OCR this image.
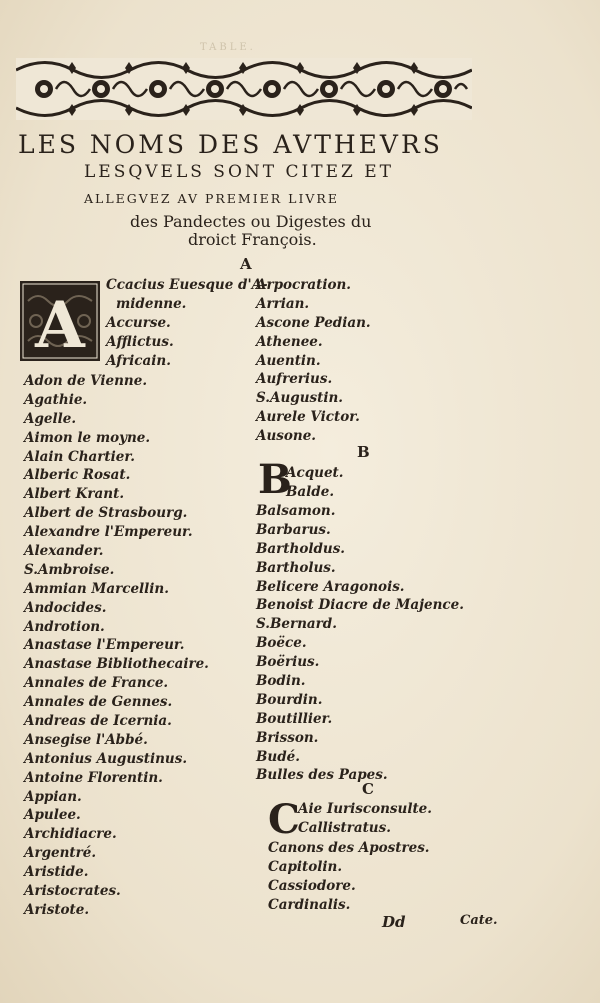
TABLE.
LES NOMS DES AVTHEVRS
LESQVELS SONT CITEZ ET
ALLEGVEZ AV PREMIER LIVRE
des Pandectes ou Digestes du
droict François.
A
A
Ccacius Euesque d'A-
midenne.
Accurse.
Afflictus.
Africain.
Adon de Vienne.
Agathie.
Agelle.
Aimon le moyne.
Alain Chartier.
Alberic Rosat.
Albert Krant.
Albert de Strasbourg.
Alexandre l'Empereur.
Alexander.
S.Ambroise.
Ammian Marcellin.
Andocides.
Androtion.
Anastase l'Empereur.
Anastase Bibliothecaire.
Annales de France.
Annales de Gennes.
Andreas de Icernia.
Ansegise l'Abbé.
Antonius Augustinus.
Antoine Florentin.
Appian.
Apulee.
Archidiacre.
Argentré.
Aristide.
Aristocrates.
Aristote.
Arpocration.
Arrian.
Ascone Pedian.
Athenee.
Auentin.
Aufrerius.
S.Augustin.
Aurele Victor.
Ausone.
B
B
Acquet.
Balde.
Balsamon.
Barbarus.
Bartholdus.
Bartholus.
Belicere Aragonois.
Benoist Diacre de Majence.
S.Bernard.
Boëce.
Boërius.
Bodin.
Bourdin.
Boutillier.
Brisson.
Budé.
Bulles des Papes.
C
C
Aie Iurisconsulte.
Callistratus.
Canons des Apostres.
Capitolin.
Cassiodore.
Cardinalis.
Dd	Cate.
